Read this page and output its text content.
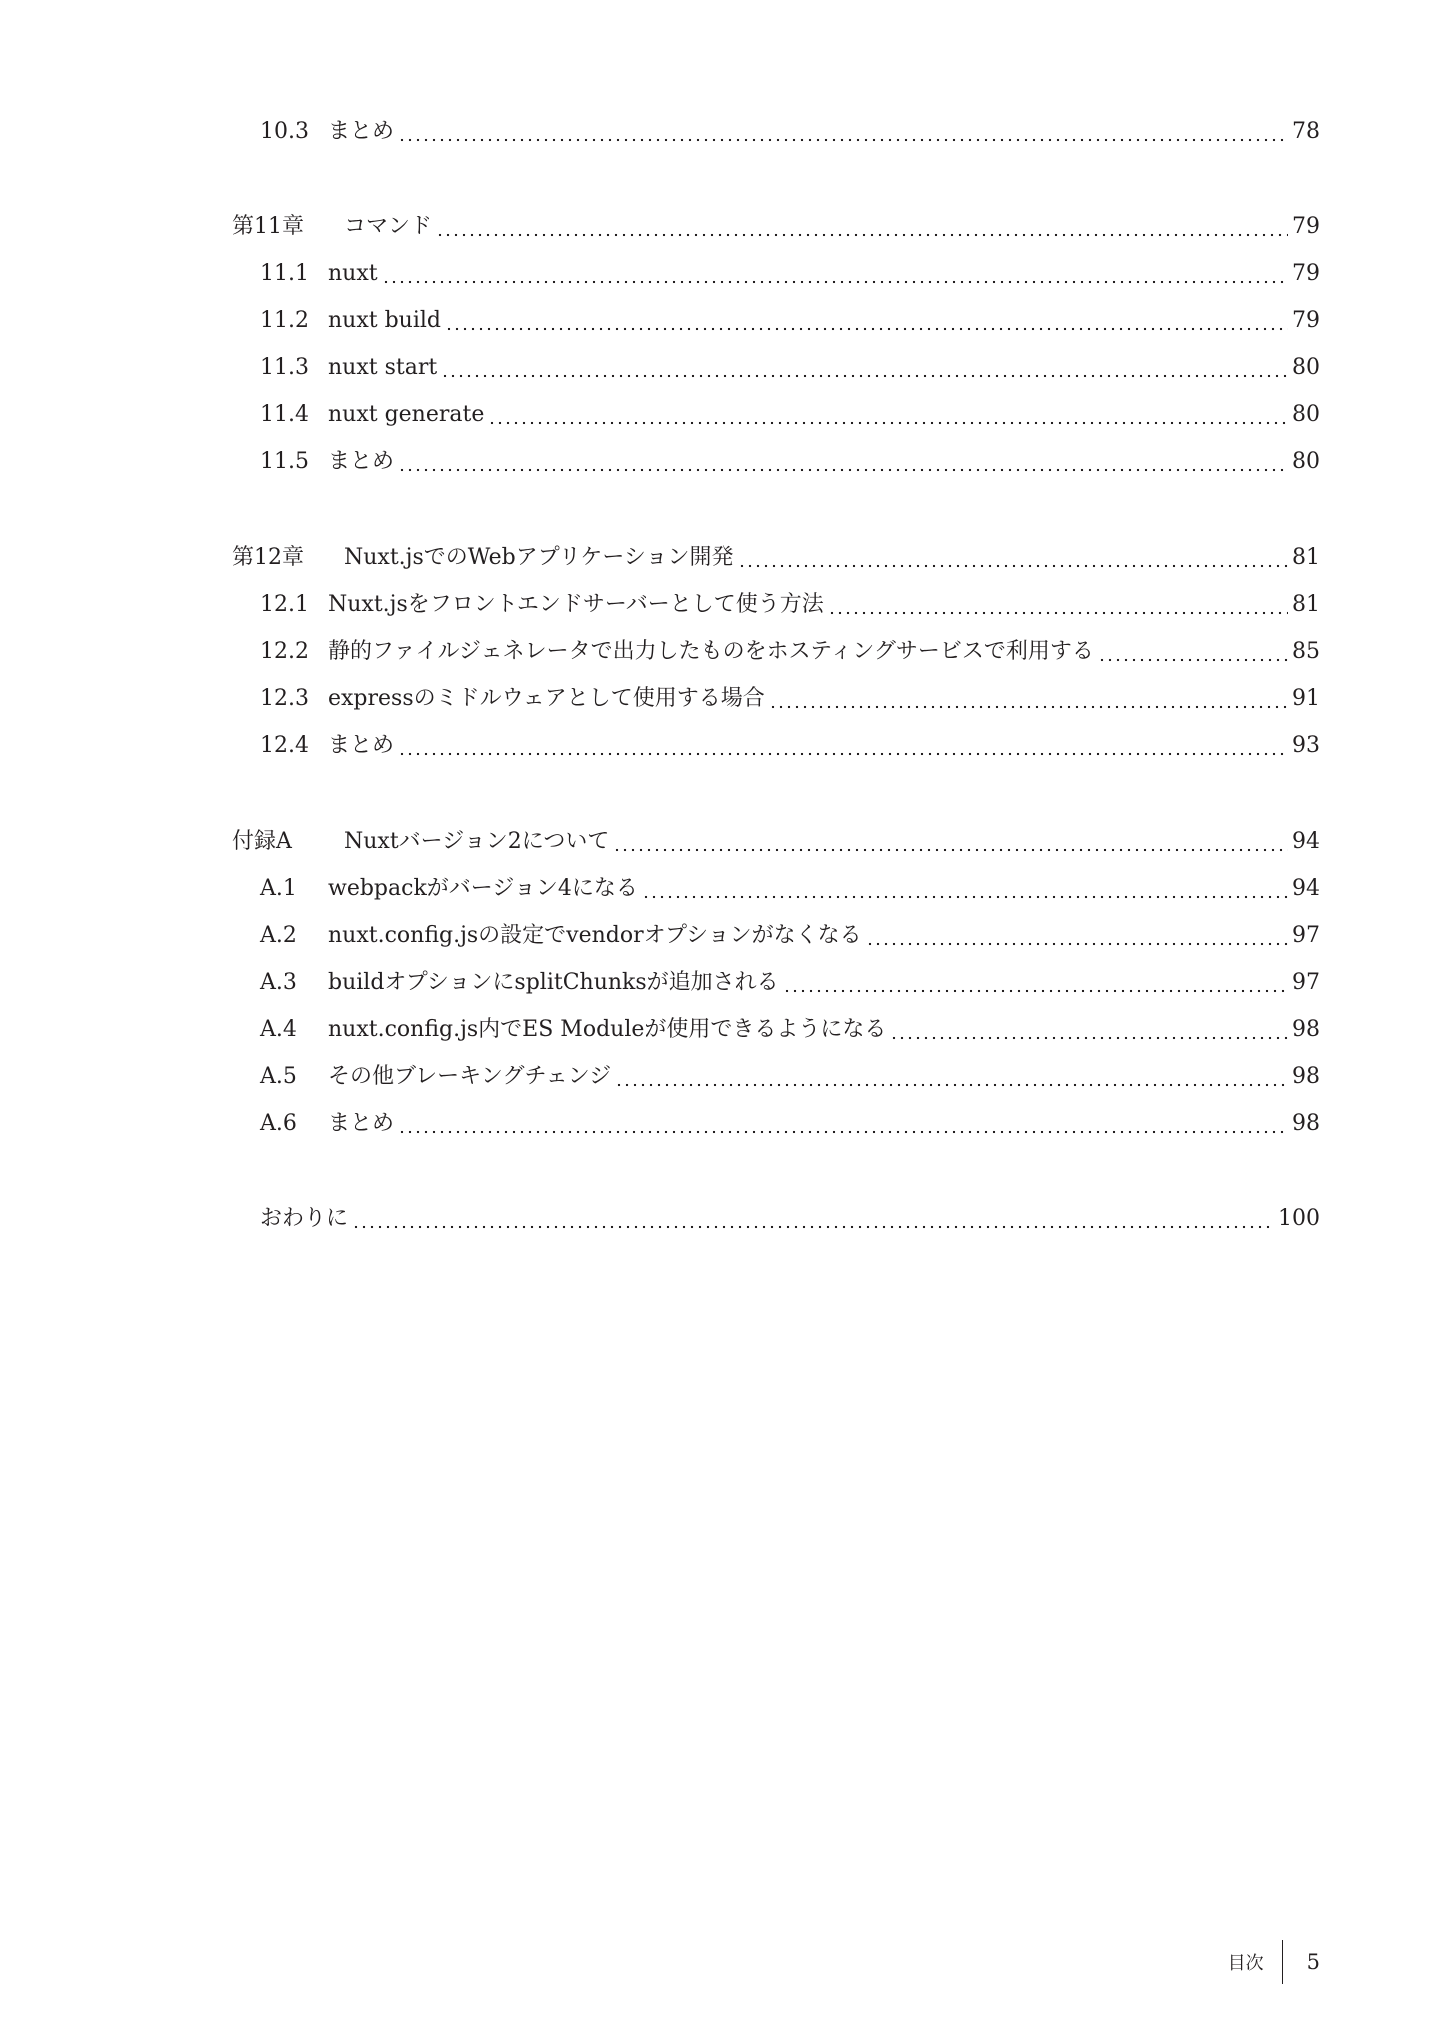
10.3 まとめ	78
第11章	コマンド	79
11.1 nuxt	79
11.2 nuxt build	79
11.3 nuxt start	80
11.4 nuxt generate	80
11.5 まとめ	80
第12章	Nuxt.jsでのWebアプリケーション開発	81
12.1 Nuxt.jsをフロントエンドサーバーとして使う方法	81
12.2 静的ファイルジェネレータで出力したものをホスティングサービスで利用する	85
12.3 expressのミドルウェアとして使用する場合	91
12.4 まとめ	93
付録A	Nuxtバージョン2について	94
A.1	webpackがバージョン4になる	94
A.2	nuxt.config.jsの設定でvendorオプションがなくなる	97
A.3	buildオプションにsplitChunksが追加される	97
A.4	nuxt.config.js内でES Moduleが使用できるようになる	98
A.5	その他ブレーキングチェンジ	98
A.6	まとめ	98
おわりに	100
目次 5
